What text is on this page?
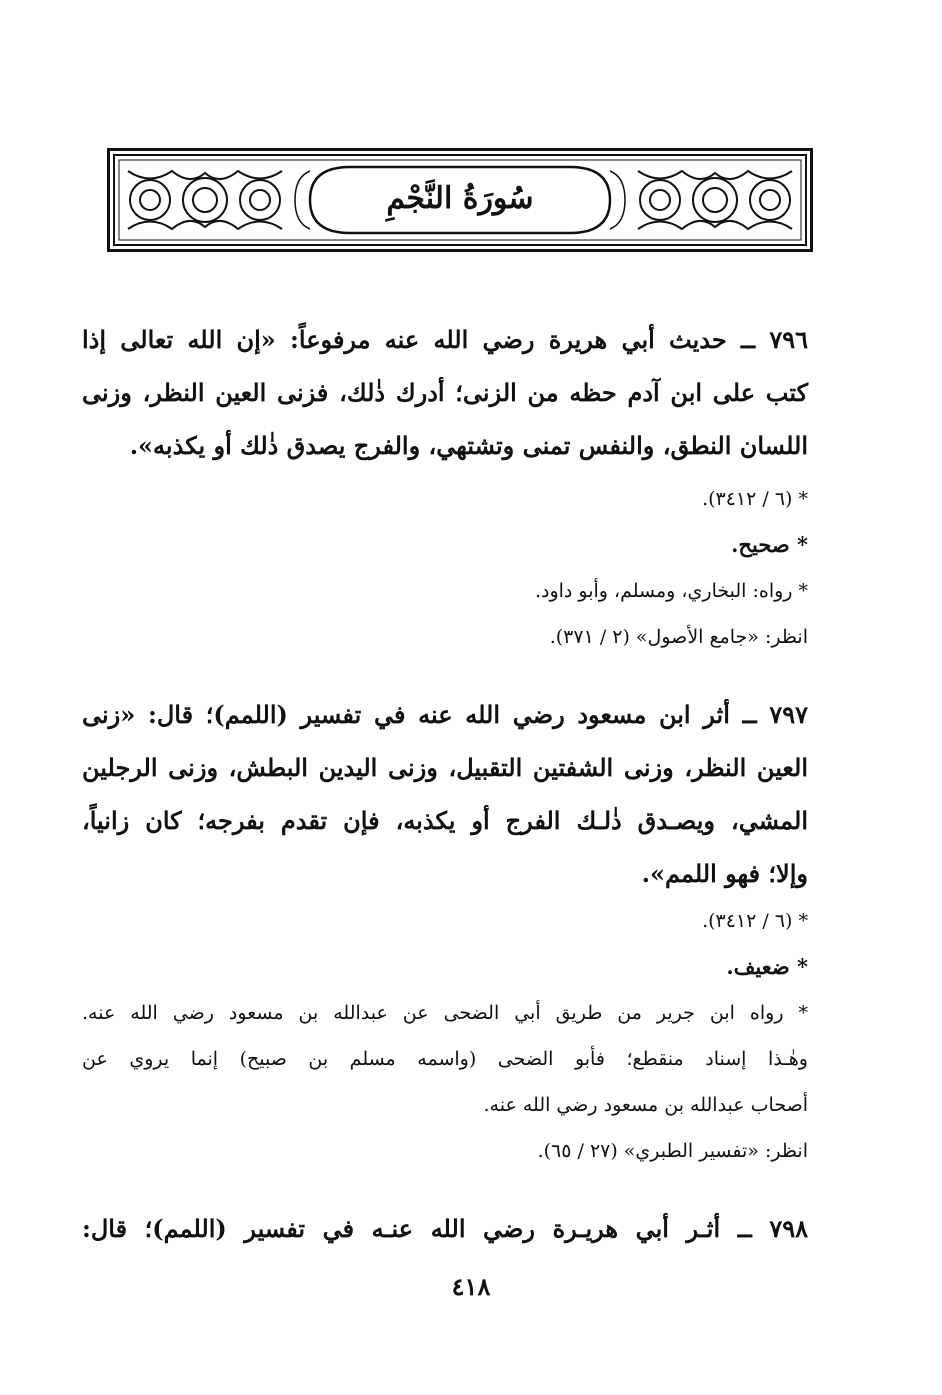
سُورَةُ النَّجْمِ
٧٩٦ ــ حديث أبي هريرة رضي الله عنه مرفوعاً: «إن الله تعالى إذا
كتب على ابن آدم حظه من الزنى؛ أدرك ذٰلك، فزنى العين النظر، وزنى
اللسان النطق، والنفس تمنى وتشتهي، والفرج يصدق ذٰلك أو يكذبه».
* (٦ / ٣٤١٢).
* صحيح.
* رواه: البخاري، ومسلم، وأبو داود.
انظر: «جامع الأصول» (٢ / ٣٧١).
٧٩٧ ــ أثر ابن مسعود رضي الله عنه في تفسير (اللمم)؛ قال: «زنى
العين النظر، وزنى الشفتين التقبيل، وزنى اليدين البطش، وزنى الرجلين
المشي، ويصـدق ذٰلـك الفرج أو يكذبه، فإن تقدم بفرجه؛ كان زانياً،
وإلا؛ فهو اللمم».
* (٦ / ٣٤١٢).
* ضعيف.
* رواه ابن جرير من طريق أبي الضحى عن عبدالله بن مسعود رضي الله عنه.
وهٰـذا إسناد منقطع؛ فأبو الضحى (واسمه مسلم بن صبيح) إنما يروي عن
أصحاب عبدالله بن مسعود رضي الله عنه.
انظر: «تفسير الطبري» (٢٧ / ٦٥).
٧٩٨ ــ أثـر أبي هريـرة رضي الله عنـه في تفسير (اللمم)؛ قال:
٤١٨
